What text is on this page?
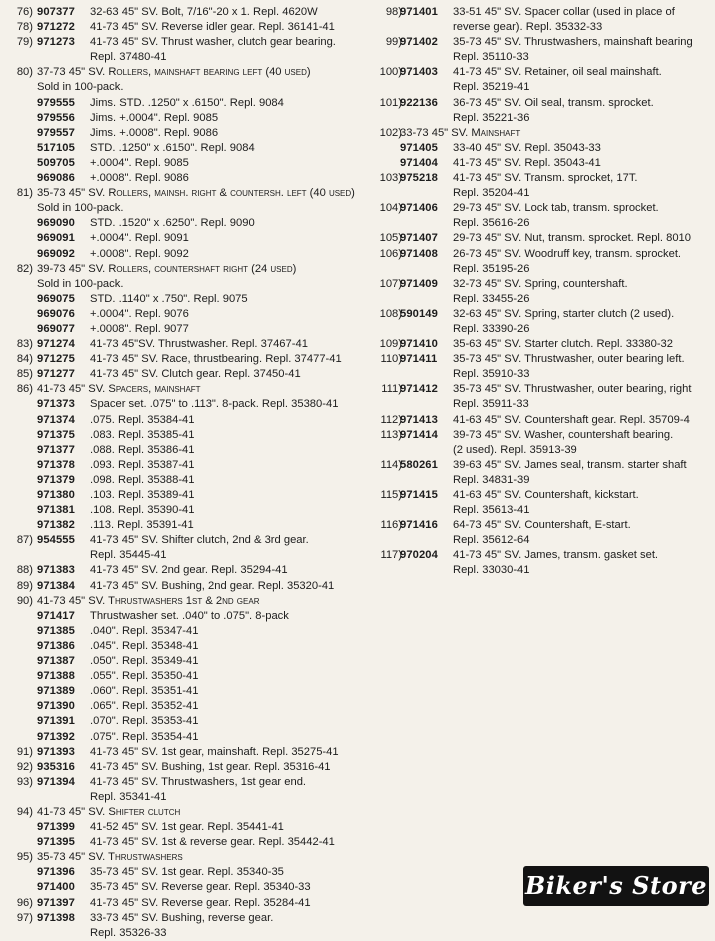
76) 907377 32-63 45" SV. Bolt, 7/16"-20 x 1. Repl. 4620W
78) 971272 41-73 45" SV. Reverse idler gear. Repl. 36141-41
79) 971273 41-73 45" SV. Thrust washer, clutch gear bearing.
Repl. 37480-41
80) 37-73 45" SV. Rollers, mainshaft bearing left (40 used)
Sold in 100-pack.
979555 Jims. STD. .1250" x .6150". Repl. 9084
979556 Jims. +.0004". Repl. 9085
979557 Jims. +.0008". Repl. 9086
517105 STD. .1250" x .6150". Repl. 9084
509705 +.0004". Repl. 9085
969086 +.0008". Repl. 9086
81) 35-73 45" SV. Rollers, mainsh. right & countersh. left (40 used)
Sold in 100-pack.
969090 STD. .1520" x .6250". Repl. 9090
969091 +.0004". Repl. 9091
969092 +.0008". Repl. 9092
82) 39-73 45" SV. Rollers, countershaft right (24 used)
Sold in 100-pack.
969075 STD. .1140" x .750". Repl. 9075
969076 +.0004". Repl. 9076
969077 +.0008". Repl. 9077
83) 971274 41-73 45"SV. Thrustwasher. Repl. 37467-41
84) 971275 41-73 45" SV. Race, thrustbearing. Repl. 37477-41
85) 971277 41-73 45" SV. Clutch gear. Repl. 37450-41
86) 41-73 45" SV. Spacers, mainshaft
971373 Spacer set. .075" to .113". 8-pack. Repl. 35380-41
971374 .075. Repl. 35384-41
971375 .083. Repl. 35385-41
971377 .088. Repl. 35386-41
971378 .093. Repl. 35387-41
971379 .098. Repl. 35388-41
971380 .103. Repl. 35389-41
971381 .108. Repl. 35390-41
971382 .113. Repl. 35391-41
87) 954555 41-73 45" SV. Shifter clutch, 2nd & 3rd gear.
Repl. 35445-41
88) 971383 41-73 45" SV. 2nd gear. Repl. 35294-41
89) 971384 41-73 45" SV. Bushing, 2nd gear. Repl. 35320-41
90) 41-73 45" SV. Thrustwashers 1st & 2nd gear
971417 Thrustwasher set. .040" to .075". 8-pack
971385 .040". Repl. 35347-41
971386 .045". Repl. 35348-41
971387 .050". Repl. 35349-41
971388 .055". Repl. 35350-41
971389 .060". Repl. 35351-41
971390 .065". Repl. 35352-41
971391 .070". Repl. 35353-41
971392 .075". Repl. 35354-41
91) 971393 41-73 45" SV. 1st gear, mainshaft. Repl. 35275-41
92) 935316 41-73 45" SV. Bushing, 1st gear. Repl. 35316-41
93) 971394 41-73 45" SV. Thrustwashers, 1st gear end.
Repl. 35341-41
94) 41-73 45" SV. Shifter clutch
971399 41-52 45" SV. 1st gear. Repl. 35441-41
971395 41-73 45" SV. 1st & reverse gear. Repl. 35442-41
95) 35-73 45" SV. Thrustwashers
971396 35-73 45" SV. 1st gear. Repl. 35340-35
971400 35-73 45" SV. Reverse gear. Repl. 35340-33
96) 971397 41-73 45" SV. Reverse gear. Repl. 35284-41
97) 971398 33-73 45" SV. Bushing, reverse gear.
Repl. 35326-33
98)
971401 33-51 45" SV. Spacer collar (used in place of
reverse gear). Repl. 35332-33
99)
971402 35-73 45" SV. Thrustwashers, mainshaft bearing
Repl. 35110-33
100)
971403 41-73 45" SV. Retainer, oil seal mainshaft.
Repl. 35219-41
101)
922136 36-73 45" SV. Oil seal, transm. sprocket.
Repl. 35221-36
102)
33-73 45" SV. Mainshaft
971405 33-40 45" SV. Repl. 35043-33
971404 41-73 45" SV. Repl. 35043-41
103)
975218 41-73 45" SV. Transm. sprocket, 17T.
Repl. 35204-41
104)
971406 29-73 45" SV. Lock tab, transm. sprocket.
Repl. 35616-26
105)
971407 29-73 45" SV. Nut, transm. sprocket. Repl. 8010
106)
971408 26-73 45" SV. Woodruff key, transm. sprocket.
Repl. 35195-26
107)
971409 32-73 45" SV. Spring, countershaft.
Repl. 33455-26
108)
590149 32-63 45" SV. Spring, starter clutch (2 used).
Repl. 33390-26
109)
971410 35-63 45" SV. Starter clutch. Repl. 33380-32
110)
971411 35-73 45" SV. Thrustwasher, outer bearing left.
Repl. 35910-33
111)
971412 35-73 45" SV. Thrustwasher, outer bearing, right
Repl. 35911-33
112)
971413 41-63 45" SV. Countershaft gear. Repl. 35709-4
113)
971414 39-73 45" SV. Washer, countershaft bearing.
(2 used). Repl. 35913-39
114)
580261 39-63 45" SV. James seal, transm. starter shaft
Repl. 34831-39
115)
971415 41-63 45" SV. Countershaft, kickstart.
Repl. 35613-41
116)
971416 64-73 45" SV. Countershaft, E-start.
Repl. 35612-64
117)
970204 41-73 45" SV. James, transm. gasket set.
Repl. 33030-41
Biker's Store
